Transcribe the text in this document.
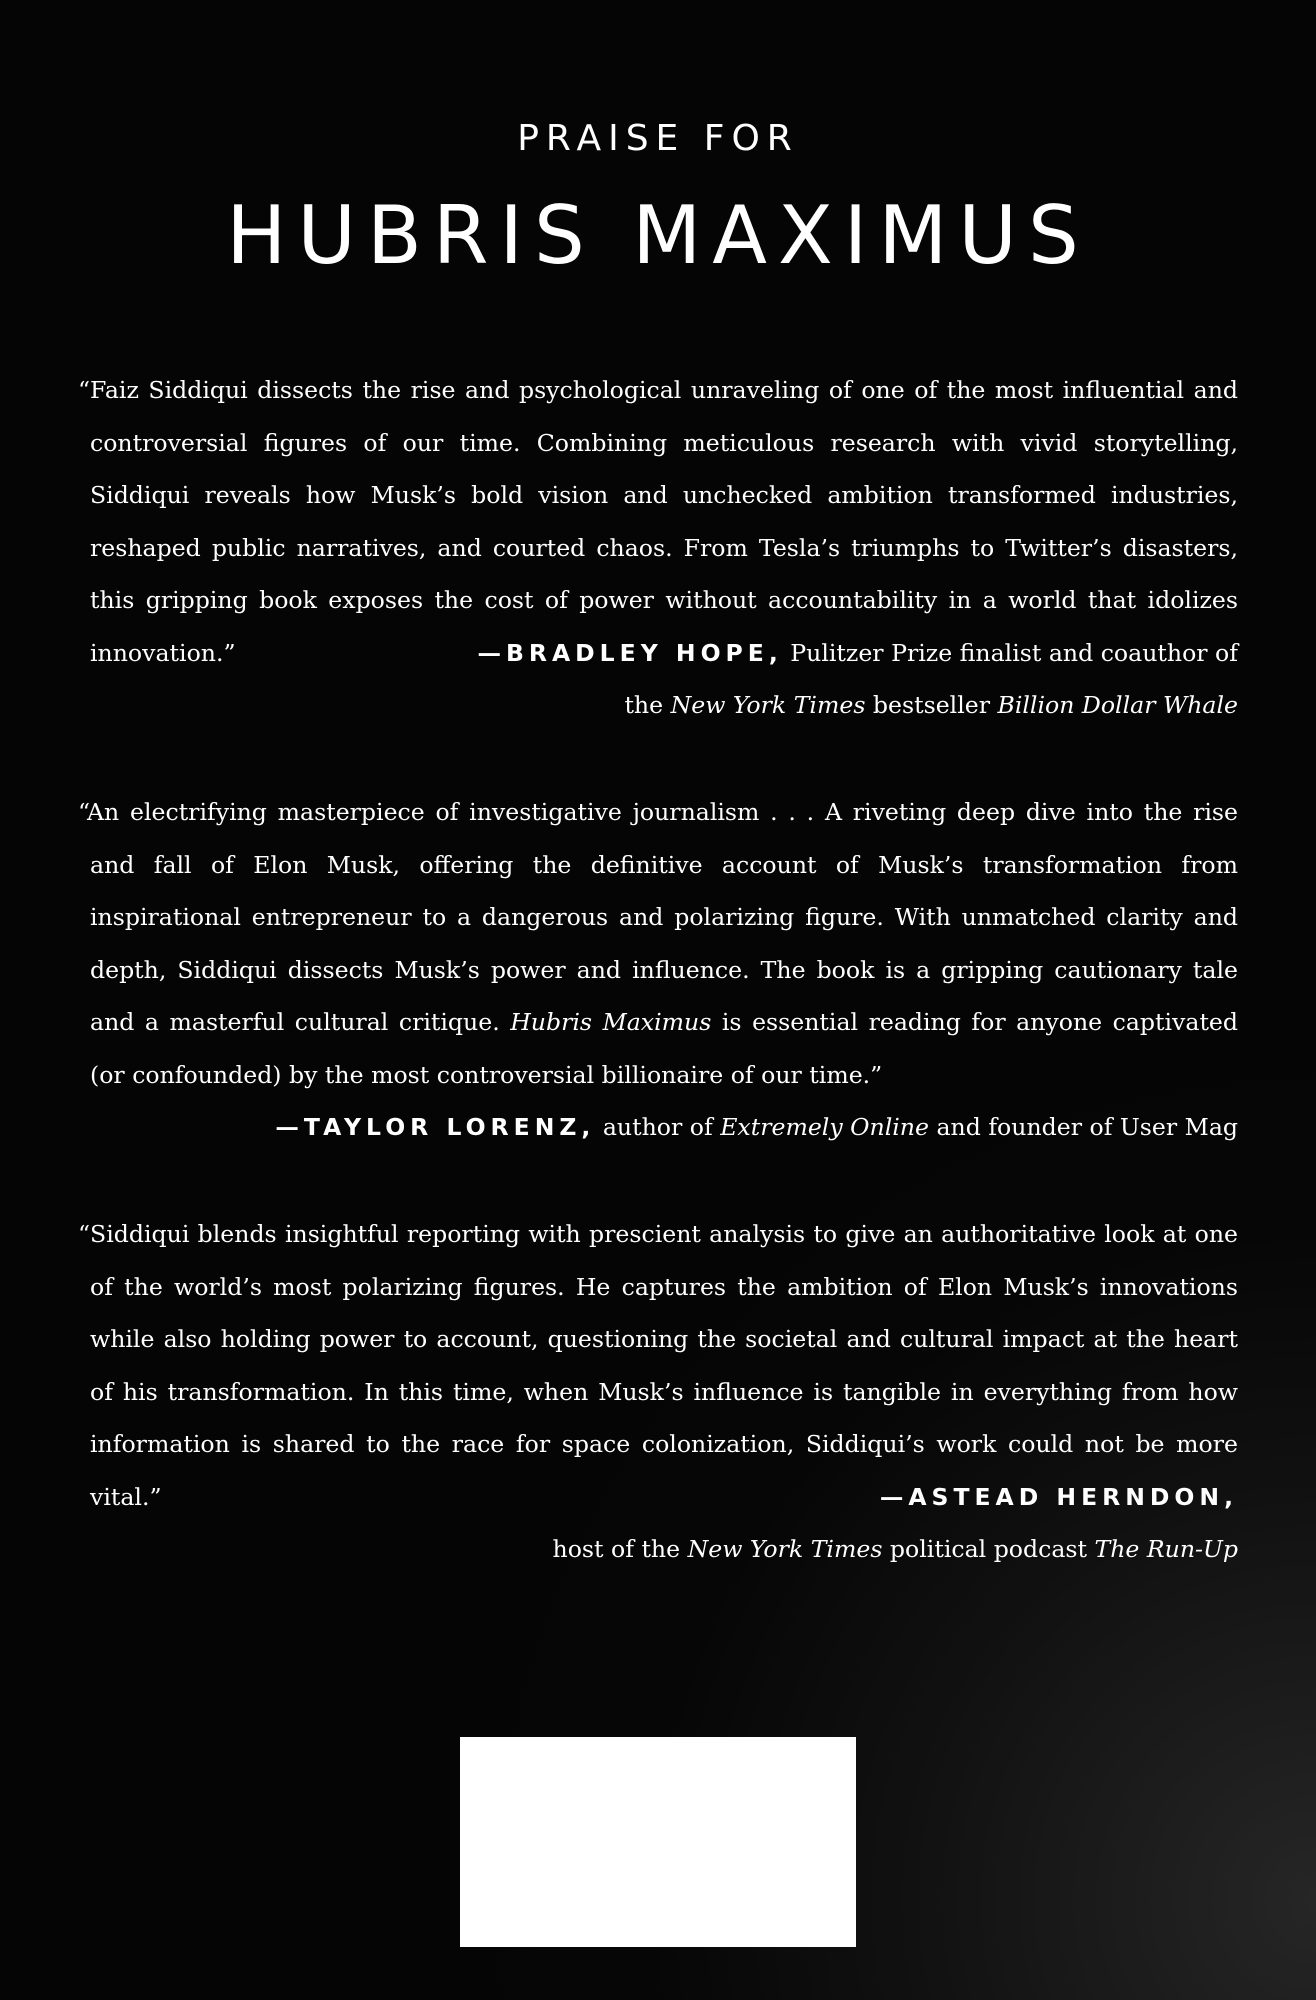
PRAISE FOR
HUBRIS MAXIMUS

“Faiz Siddiqui dissects the rise and psychological unraveling of one of the most influential and controversial figures of our time. Combining meticulous research with vivid storytelling, Siddiqui reveals how Musk’s bold vision and unchecked ambition transformed industries, reshaped public narratives, and courted chaos. From Tesla’s triumphs to Twitter’s disasters, this gripping book exposes the cost of power without accountability in a world that idolizes innovation.”	—BRADLEY HOPE, Pulitzer Prize finalist and coauthor of

the New York Times bestseller Billion Dollar Whale

“An electrifying masterpiece of investigative journalism . . . A riveting deep dive into the rise and fall of Elon Musk, offering the definitive account of Musk’s transformation from inspirational entrepreneur to a dangerous and polarizing figure. With unmatched clarity and depth, Siddiqui dissects Musk’s power and influence. The book is a gripping cautionary tale and a masterful cultural critique. Hubris Maximus is essential reading for anyone captivated (or confounded) by the most controversial billionaire of our time.”

—TAYLOR LORENZ, author of Extremely Online and founder of User Mag

“Siddiqui blends insightful reporting with prescient analysis to give an authoritative look at one of the world’s most polarizing figures. He captures the ambition of Elon Musk’s innovations while also holding power to account, questioning the societal and cultural impact at the heart of his transformation. In this time, when Musk’s influence is tangible in everything from how information is shared to the race for space colonization, Siddiqui’s work could not be more vital.”	—ASTEAD HERNDON,

host of the New York Times political podcast The Run-Up
